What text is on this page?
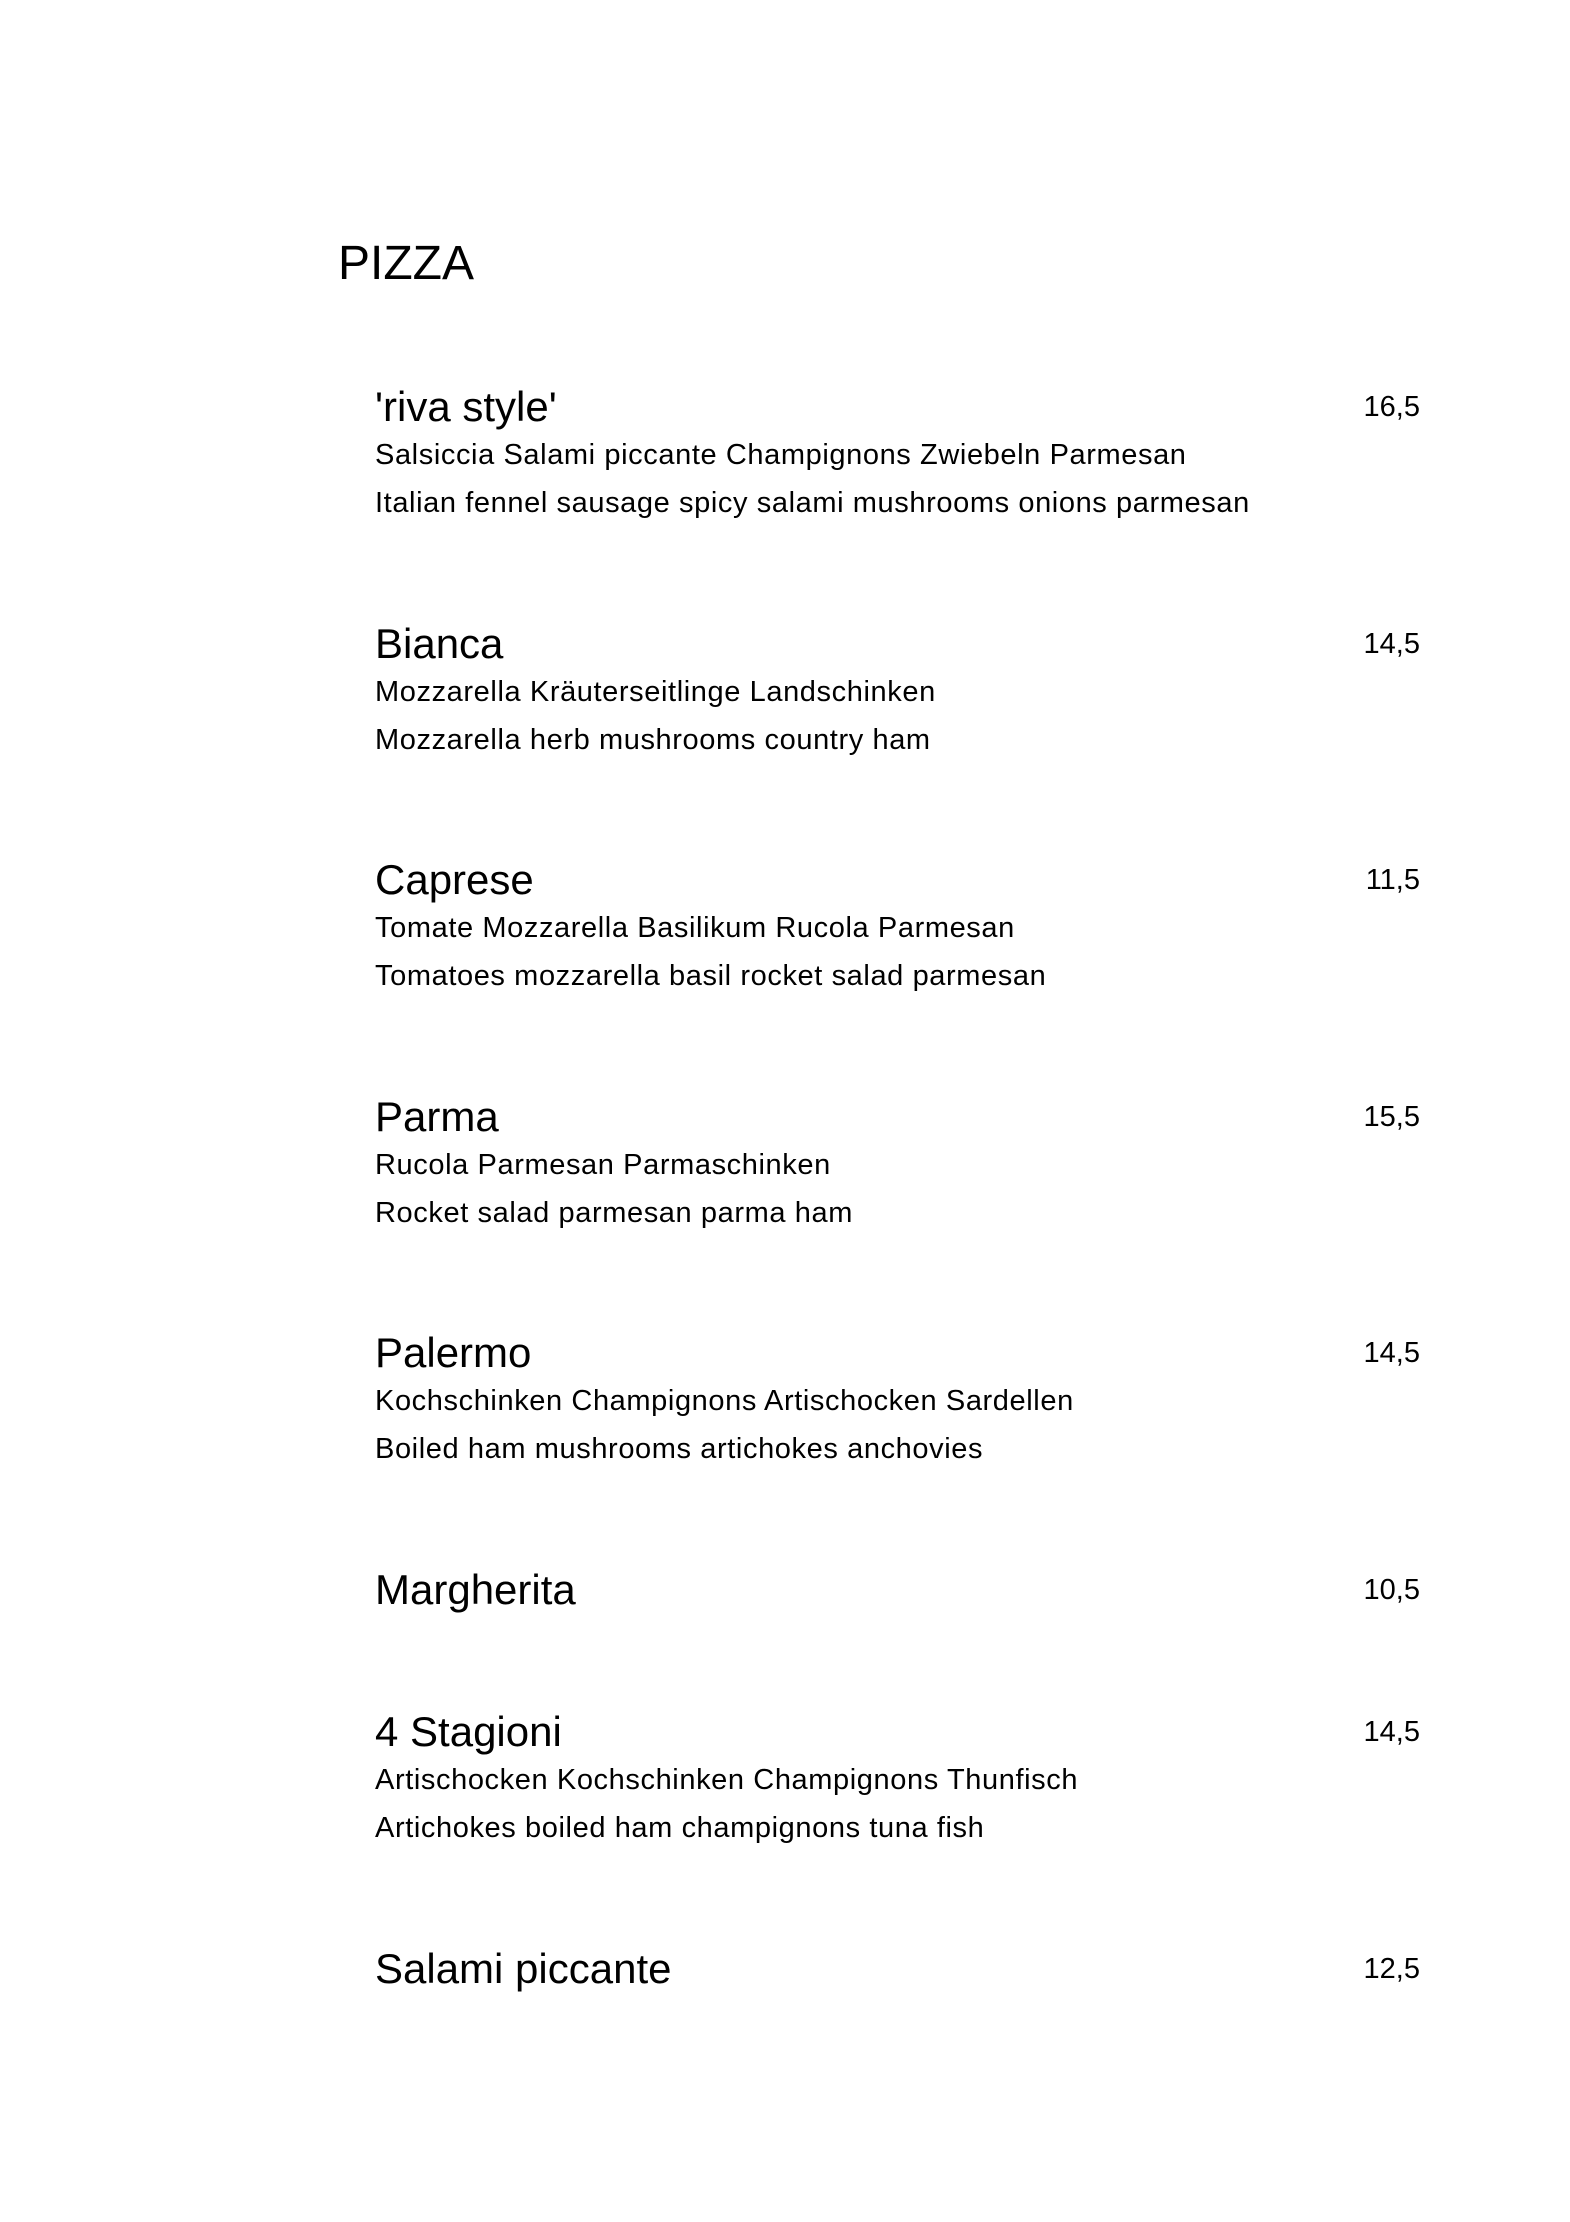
PIZZA
'riva style'	16,5
Salsiccia Salami piccante Champignons Zwiebeln Parmesan
Italian fennel sausage spicy salami mushrooms onions parmesan
Bianca	14,5
Mozzarella Kräuterseitlinge Landschinken
Mozzarella herb mushrooms country ham
Caprese	11,5
Tomate Mozzarella Basilikum Rucola Parmesan
Tomatoes mozzarella basil rocket salad parmesan
Parma	15,5
Rucola Parmesan Parmaschinken
Rocket salad parmesan parma ham
Palermo	14,5
Kochschinken Champignons Artischocken Sardellen
Boiled ham mushrooms artichokes anchovies
Margherita	10,5
4 Stagioni	14,5
Artischocken Kochschinken Champignons Thunfisch
Artichokes boiled ham champignons tuna fish
Salami piccante	12,5
